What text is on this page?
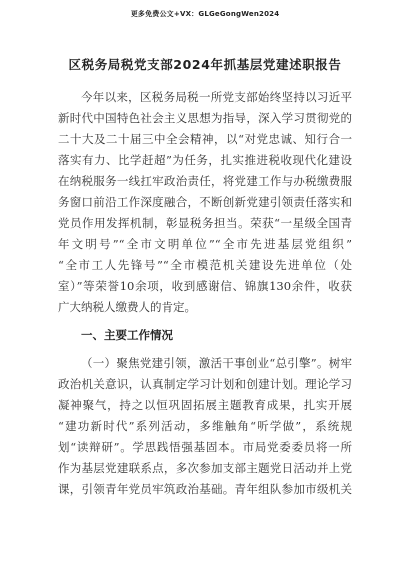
更多免费公文+VX：GLGeGongWen2024
区税务局税党支部2024年抓基层党建述职报告
今年以来，区税务局税一所党支部始终坚持以习近平
新时代中国特色社会主义思想为指导，深入学习贯彻党的
二十大及二十届三中全会精神，以“对党忠诚、知行合一
落实有力、比学赶超”为任务，扎实推进税收现代化建设
在纳税服务一线扛牢政治责任，将党建工作与办税缴费服
务窗口前沿工作深度融合，不断创新党建引领责任落实和
党员作用发挥机制，彰显税务担当。荣获“一星级全国青
年文明号”“全市文明单位”“全市先进基层党组织”
“全市工人先锋号”“全市模范机关建设先进单位（处
室）”等荣誉10余项，收到感谢信、锦旗130余件，收获
广大纳税人缴费人的肯定。
一、主要工作情况
（一）聚焦党建引领，激活干事创业“总引擎”。树牢
政治机关意识，认真制定学习计划和创建计划。理论学习
凝神聚气，持之以恒巩固拓展主题教育成果，扎实开展
“建功新时代”系列活动，多维触角“听学做”，系统规
划“读辩研”。学思践悟强基固本。市局党委委员将一所
作为基层党建联系点，多次参加支部主题党日活动并上党
课，引领青年党员牢筑政治基础。青年组队参加市级机关
